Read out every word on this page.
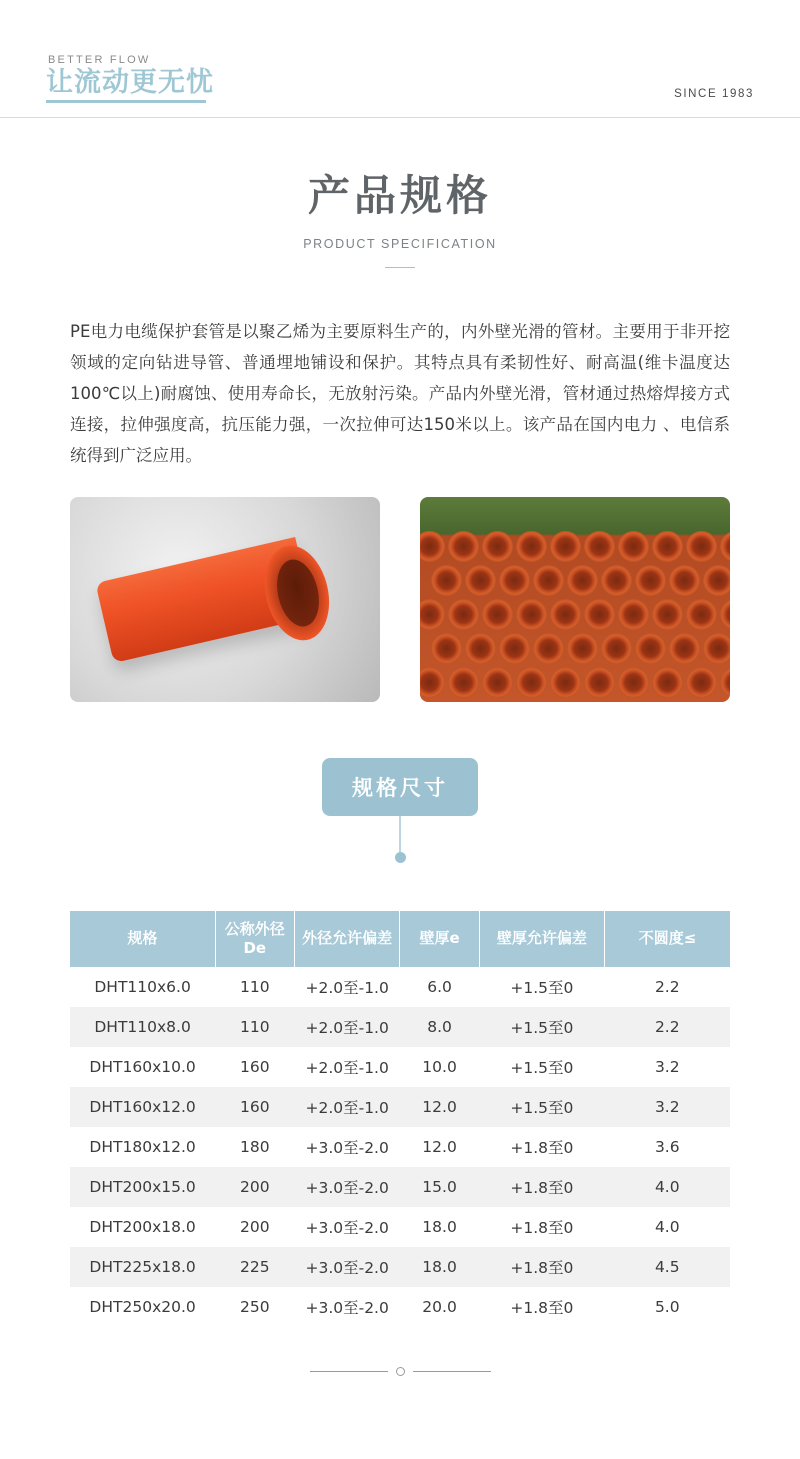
BETTER FLOW
让流动更无忧	SINCE 1983
产品规格
PRODUCT SPECIFICATION

PE电力电缆保护套管是以聚乙烯为主要原料生产的，内外壁光滑的管材。主要用于非开挖领域的定向钻进导管、普通埋地铺设和保护。其特点具有柔韧性好、耐高温(维卡温度达100℃以上)耐腐蚀、使用寿命长，无放射污染。产品内外壁光滑，管材通过热熔焊接方式连接，拉伸强度高，抗压能力强，一次拉伸可达150米以上。该产品在国内电力 、电信系统得到广泛应用。

规格尺寸
规格	公称外径De	外径允许偏差	壁厚e	壁厚允许偏差	不圆度≤
DHT110x6.0	110	+2.0至-1.0	6.0	+1.5至0	2.2
DHT110x8.0	110	+2.0至-1.0	8.0	+1.5至0	2.2
DHT160x10.0	160	+2.0至-1.0	10.0	+1.5至0	3.2
DHT160x12.0	160	+2.0至-1.0	12.0	+1.5至0	3.2
DHT180x12.0	180	+3.0至-2.0	12.0	+1.8至0	3.6
DHT200x15.0	200	+3.0至-2.0	15.0	+1.8至0	4.0
DHT200x18.0	200	+3.0至-2.0	18.0	+1.8至0	4.0
DHT225x18.0	225	+3.0至-2.0	18.0	+1.8至0	4.5
DHT250x20.0	250	+3.0至-2.0	20.0	+1.8至0	5.0
